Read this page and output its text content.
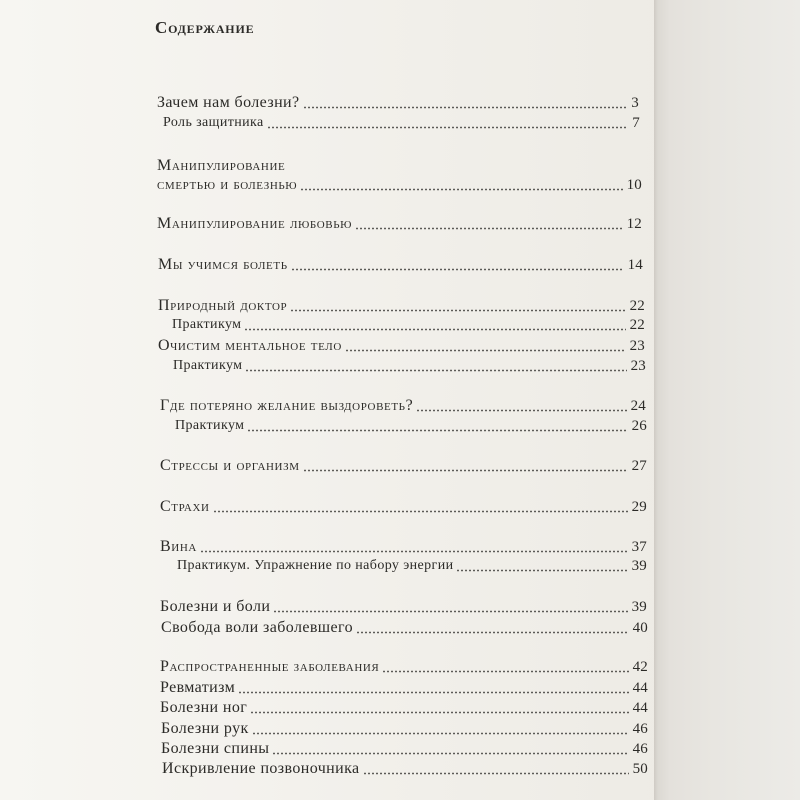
Содержание
Зачем нам болезни?	3
Роль защитника	7
Манипулирование
смертью и болезнью	10
Манипулирование любовью	12
Мы учимся болеть	14
Природный доктор	22
Практикум	22
Очистим ментальное тело	23
Практикум	23
Где потеряно желание выздороветь?	24
Практикум	26
Стрессы и организм	27
Страхи	29
Вина	37
Практикум. Упражнение по набору энергии	39
Болезни и боли	39
Свобода воли заболевшего	40
Распространенные заболевания	42
Ревматизм	44
Болезни ног	44
Болезни рук	46
Болезни спины	46
Искривление позвоночника	50
